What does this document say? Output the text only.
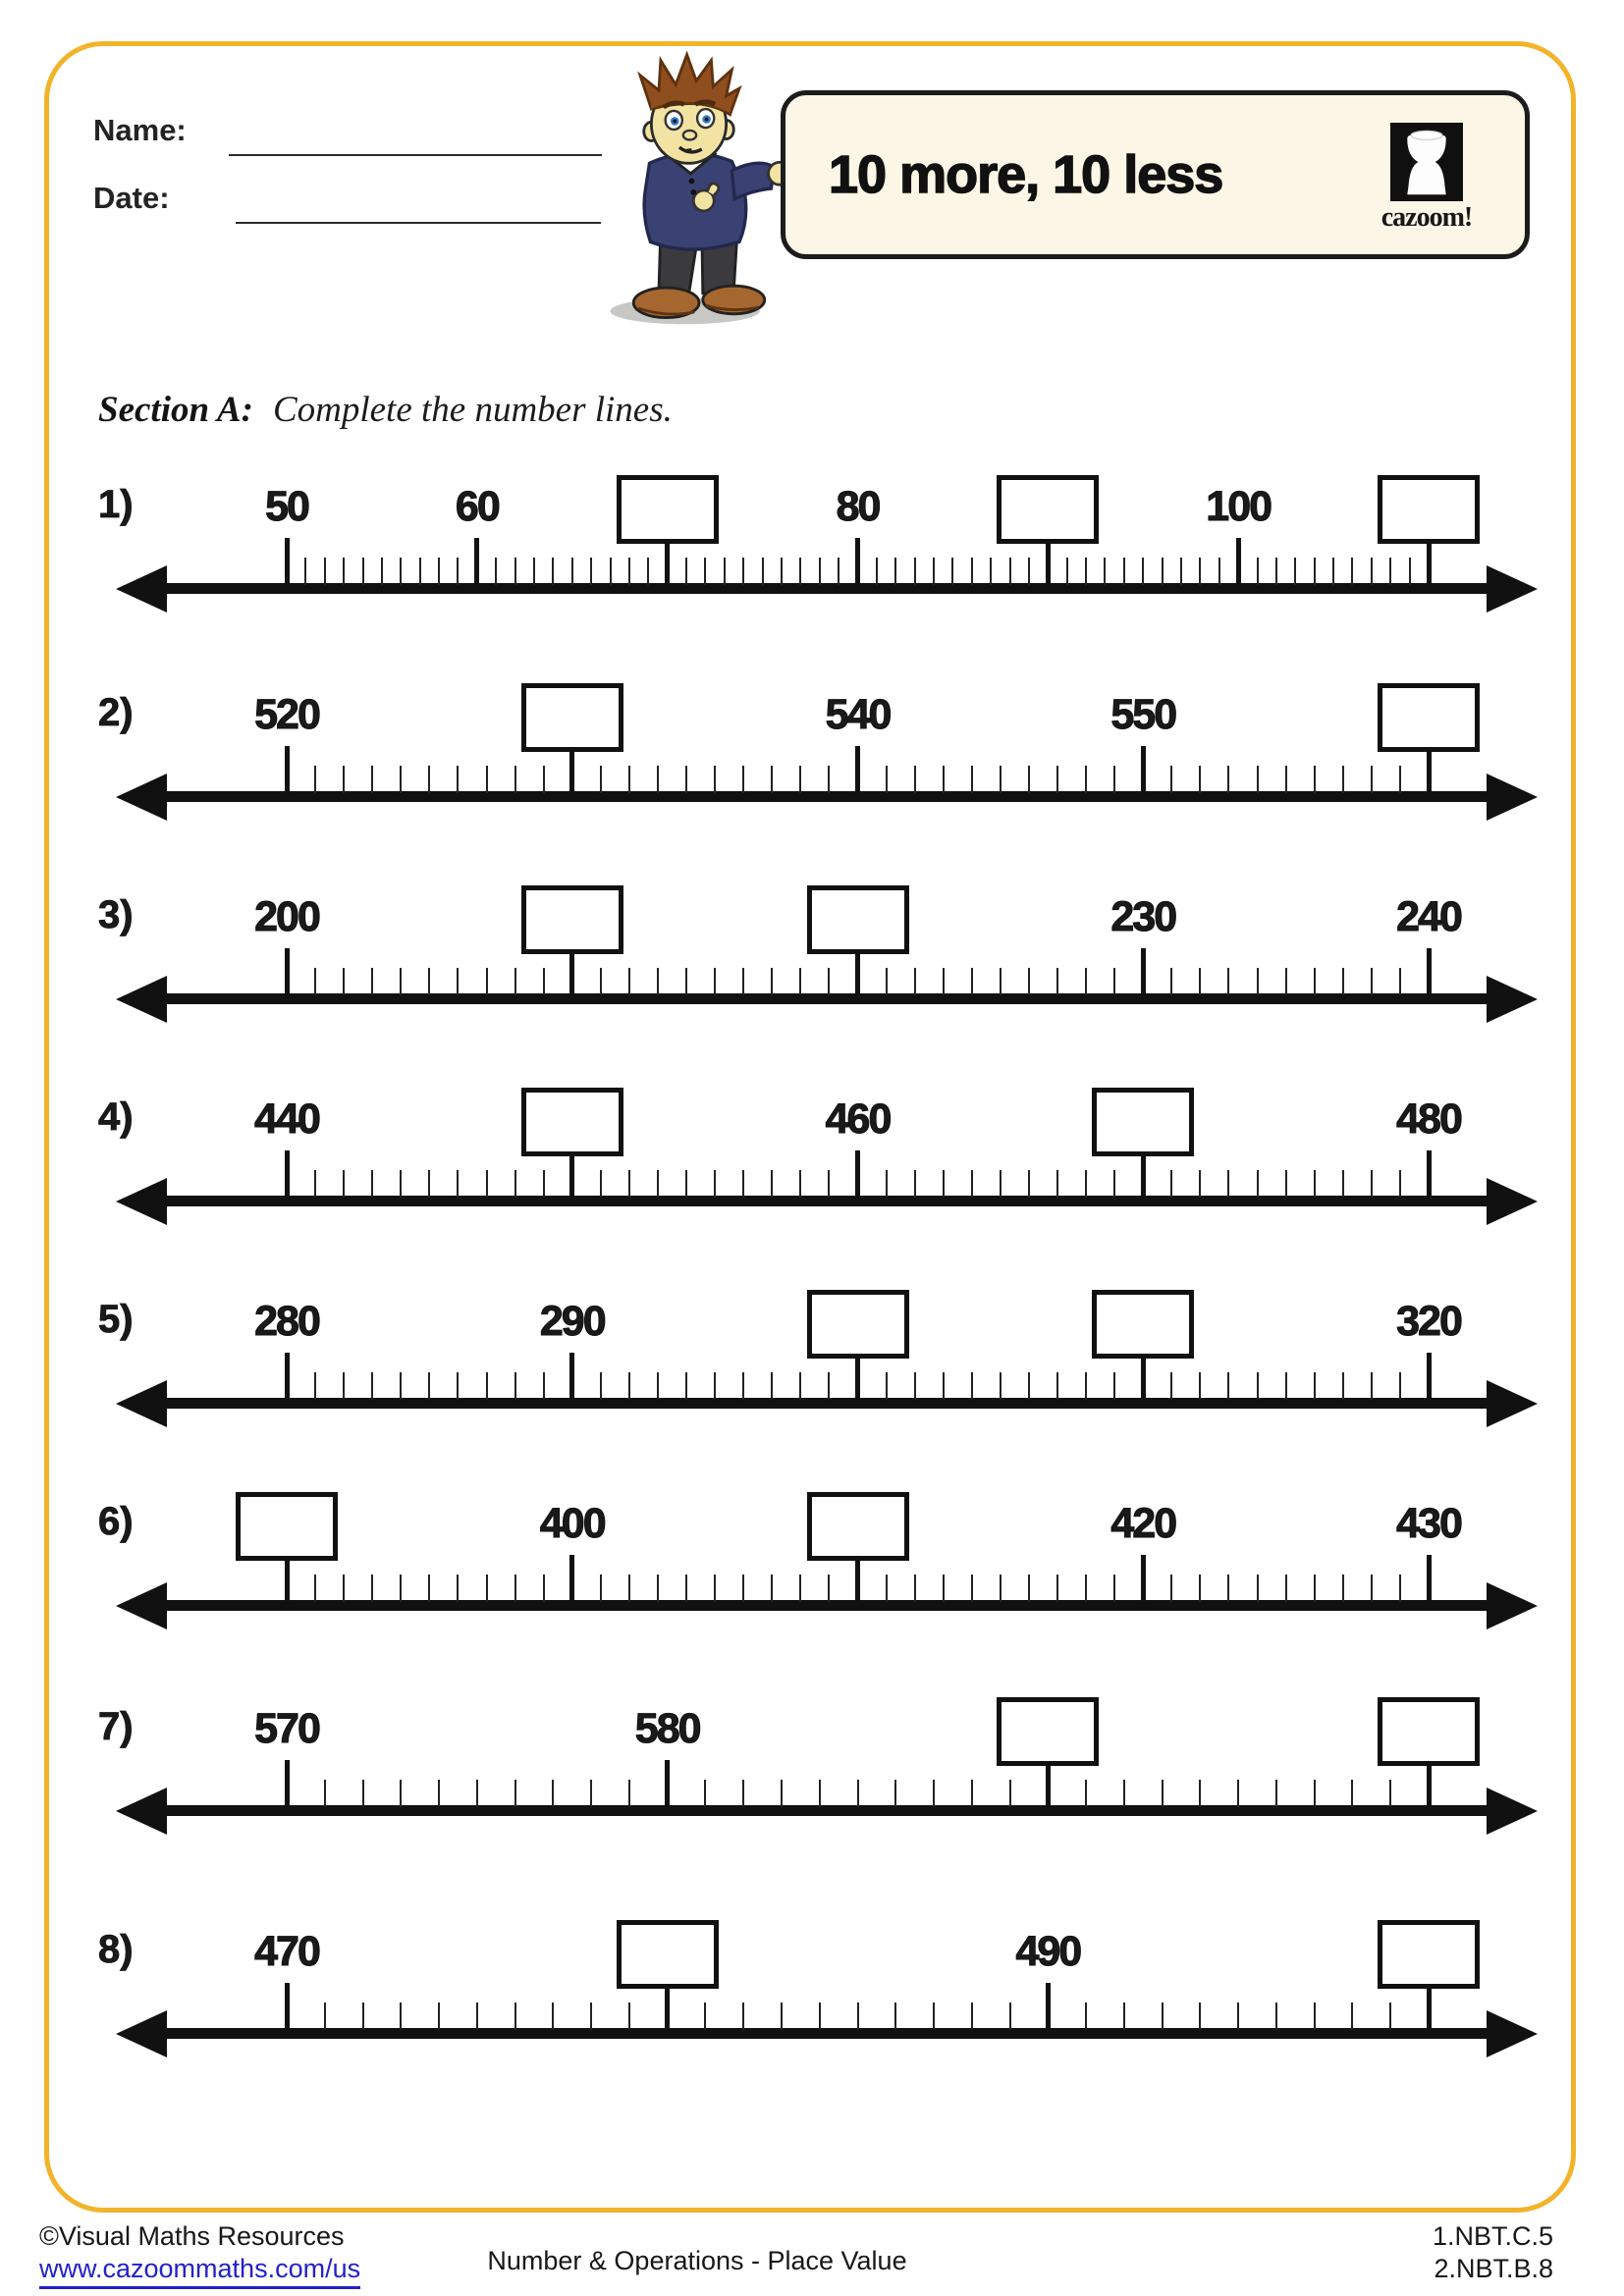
Name:
Date:	10 more, 10 less
cazoom!
Section A: Complete the number lines.
1)	50	60	80	100
2)	520	540	550
3)	200	230	240
4)	440	460	480
5)	280	290	320
6)	400	420	430
7)	570	580
8)	470	490
©Visual Maths Resources
www.cazoommaths.com/us	Number & Operations - Place Value
1.NBT.C.5
2.NBT.B.8
